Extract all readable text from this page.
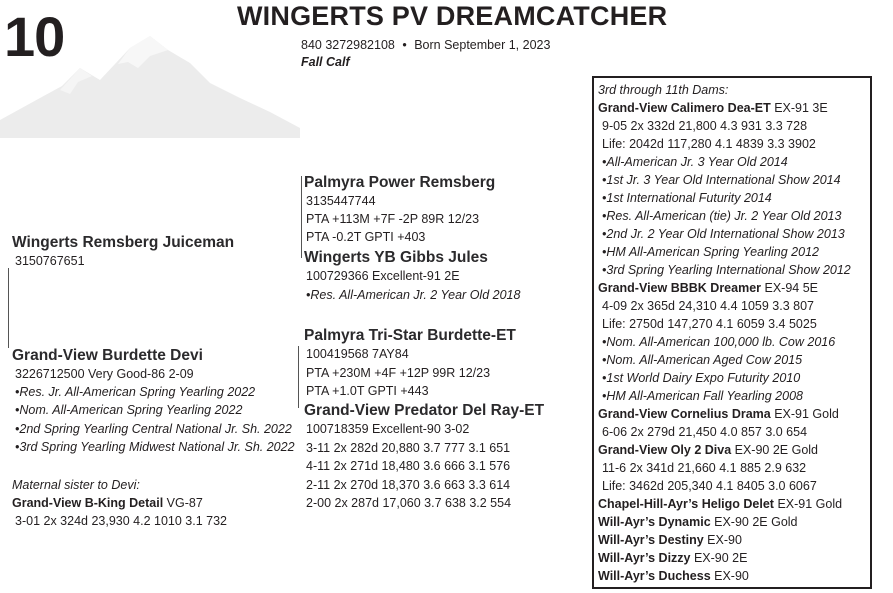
10	WINGERTS PV DREAMCATCHER
840 3272982108 • Born September 1, 2023
Fall Calf
Wingerts Remsberg Juiceman
3150767651
Palmyra Power Remsberg
3135447744
PTA +113M +7F -2P 89R 12/23
PTA -0.2T GPTI +403
Wingerts YB Gibbs Jules
100729366 Excellent-91 2E
•Res. All-American Jr. 2 Year Old 2018
Grand-View Burdette Devi
3226712500 Very Good-86 2-09
•Res. Jr. All-American Spring Yearling 2022
•Nom. All-American Spring Yearling 2022
•2nd Spring Yearling Central National Jr. Sh. 2022
•3rd Spring Yearling Midwest National Jr. Sh. 2022
Palmyra Tri-Star Burdette-ET
100419568 7AY84
PTA +230M +4F +12P 99R 12/23
PTA +1.0T GPTI +443
Grand-View Predator Del Ray-ET
100718359 Excellent-90 3-02
3-11 2x 282d 20,880 3.7 777 3.1 651
4-11 2x 271d 18,480 3.6 666 3.1 576
2-11 2x 270d 18,370 3.6 663 3.3 614
2-00 2x 287d 17,060 3.7 638 3.2 554
Maternal sister to Devi:
Grand-View B-King Detail VG-87
3-01 2x 324d 23,930 4.2 1010 3.1 732
3rd through 11th Dams:
Grand-View Calimero Dea-ET EX-91 3E
9-05 2x 332d 21,800 4.3 931 3.3 728
Life: 2042d 117,280 4.1 4839 3.3 3902
•All-American Jr. 3 Year Old 2014
•1st Jr. 3 Year Old International Show 2014
•1st International Futurity 2014
•Res. All-American (tie) Jr. 2 Year Old 2013
•2nd Jr. 2 Year Old International Show 2013
•HM All-American Spring Yearling 2012
•3rd Spring Yearling International Show 2012
Grand-View BBBK Dreamer EX-94 5E
4-09 2x 365d 24,310 4.4 1059 3.3 807
Life: 2750d 147,270 4.1 6059 3.4 5025
•Nom. All-American 100,000 lb. Cow 2016
•Nom. All-American Aged Cow 2015
•1st World Dairy Expo Futurity 2010
•HM All-American Fall Yearling 2008
Grand-View Cornelius Drama EX-91 Gold
6-06 2x 279d 21,450 4.0 857 3.0 654
Grand-View Oly 2 Diva EX-90 2E Gold
11-6 2x 341d 21,660 4.1 885 2.9 632
Life: 3462d 205,340 4.1 8405 3.0 6067
Chapel-Hill-Ayr’s Heligo Delet EX-91 Gold
Will-Ayr’s Dynamic EX-90 2E Gold
Will-Ayr’s Destiny EX-90
Will-Ayr’s Dizzy EX-90 2E
Will-Ayr’s Duchess EX-90
